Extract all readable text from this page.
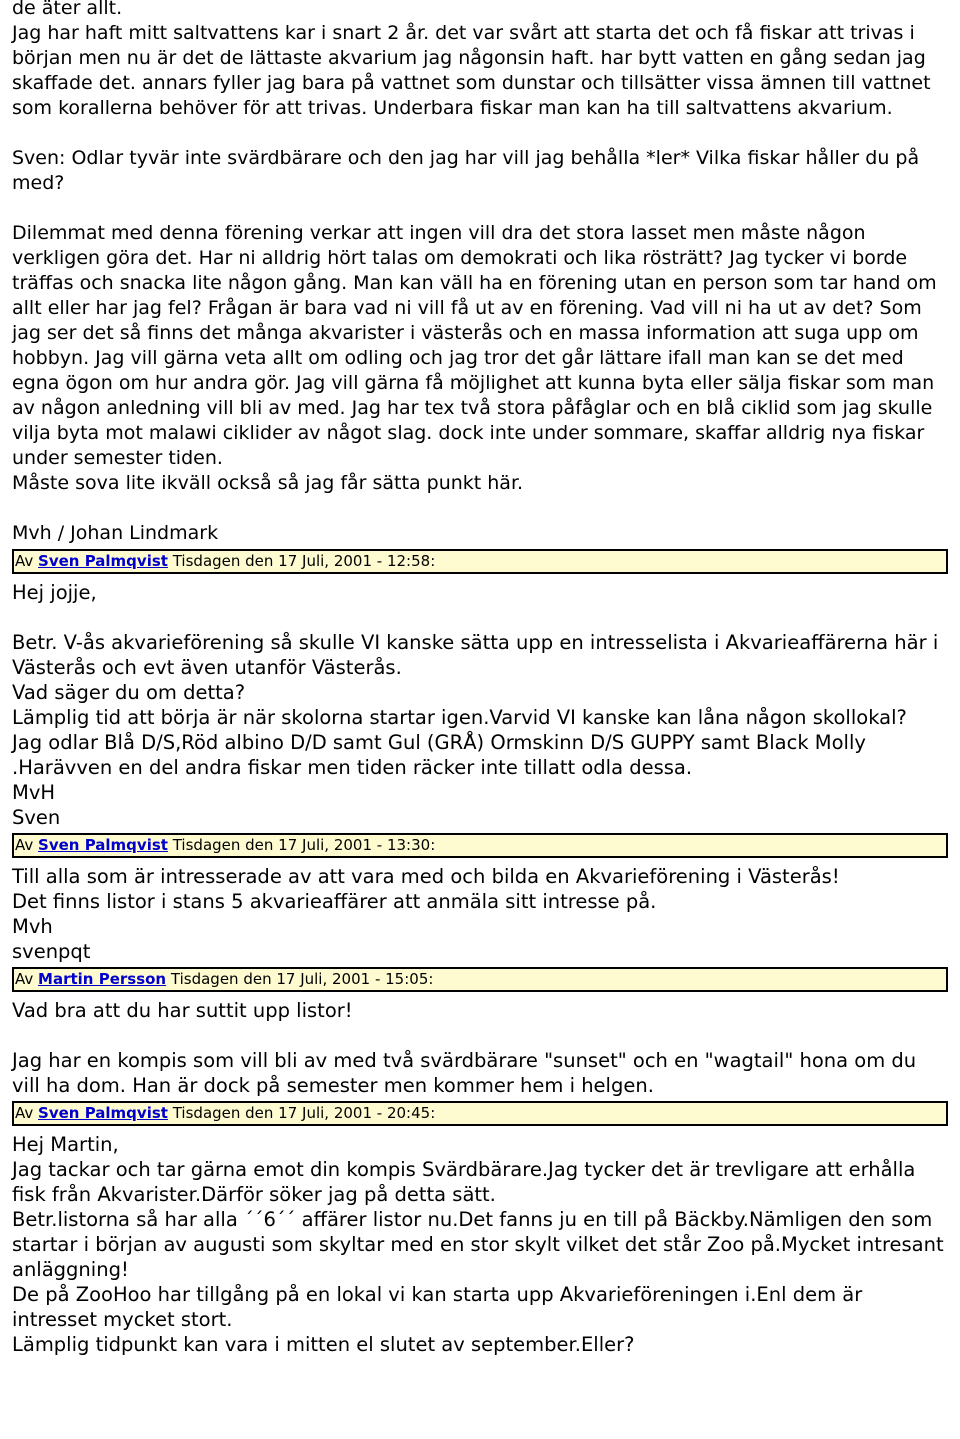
de äter allt.

Jag har haft mitt saltvattens kar i snart 2 år. det var svårt att starta det och få fiskar att trivas i början men nu är det de lättaste akvarium jag någonsin haft. har bytt vatten en gång sedan jag skaffade det. annars fyller jag bara på vattnet som dunstar och tillsätter vissa ämnen till vattnet som korallerna behöver för att trivas. Underbara fiskar man kan ha till saltvattens akvarium.

Sven: Odlar tyvär inte svärdbärare och den jag har vill jag behålla *ler* Vilka fiskar håller du på med?

Dilemmat med denna förening verkar att ingen vill dra det stora lasset men måste någon verkligen göra det. Har ni alldrig hört talas om demokrati och lika rösträtt? Jag tycker vi borde träffas och snacka lite någon gång. Man kan väll ha en förening utan en person som tar hand om allt eller har jag fel? Frågan är bara vad ni vill få ut av en förening. Vad vill ni ha ut av det? Som jag ser det så finns det många akvarister i västerås och en massa information att suga upp om hobbyn. Jag vill gärna veta allt om odling och jag tror det går lättare ifall man kan se det med egna ögon om hur andra gör. Jag vill gärna få möjlighet att kunna byta eller sälja fiskar som man av någon anledning vill bli av med. Jag har tex två stora påfåglar och en blå ciklid som jag skulle vilja byta mot malawi ciklider av något slag. dock inte under sommare, skaffar alldrig nya fiskar under semester tiden.
Måste sova lite ikväll också så jag får sätta punkt här.

Mvh / Johan Lindmark

Av Sven Palmqvist Tisdagen den 17 Juli, 2001 - 12:58:

Hej jojje,

Betr. V-ås akvarieförening så skulle VI kanske sätta upp en intresselista i Akvarieaffärerna här i Västerås och evt även utanför Västerås.
Vad säger du om detta?
Lämplig tid att börja är när skolorna startar igen.Varvid VI kanske kan låna någon skollokal?
Jag odlar Blå D/S,Röd albino D/D samt Gul (GRÅ) Ormskinn D/S GUPPY samt Black Molly .Harävven en del andra fiskar men tiden räcker inte tillatt odla dessa.
MvH
Sven

Av Sven Palmqvist Tisdagen den 17 Juli, 2001 - 13:30:

Till alla som är intresserade av att vara med och bilda en Akvarieförening i Västerås!
Det finns listor i stans 5 akvarieaffärer att anmäla sitt intresse på.
Mvh
svenpqt

Av Martin Persson Tisdagen den 17 Juli, 2001 - 15:05:

Vad bra att du har suttit upp listor!

Jag har en kompis som vill bli av med två svärdbärare "sunset" och en "wagtail" hona om du vill ha dom. Han är dock på semester men kommer hem i helgen.

Av Sven Palmqvist Tisdagen den 17 Juli, 2001 - 20:45:

Hej Martin,
Jag tackar och tar gärna emot din kompis Svärdbärare.Jag tycker det är trevligare att erhålla fisk från Akvarister.Därför söker jag på detta sätt.
Betr.listorna så har alla ´´6´´ affärer listor nu.Det fanns ju en till på Bäckby.Nämligen den som startar i början av augusti som skyltar med en stor skylt vilket det står Zoo på.Mycket intresant anläggning!
De på ZooHoo har tillgång på en lokal vi kan starta upp Akvarieföreningen i.Enl dem är intresset mycket stort.
Lämplig tidpunkt kan vara i mitten el slutet av september.Eller?
